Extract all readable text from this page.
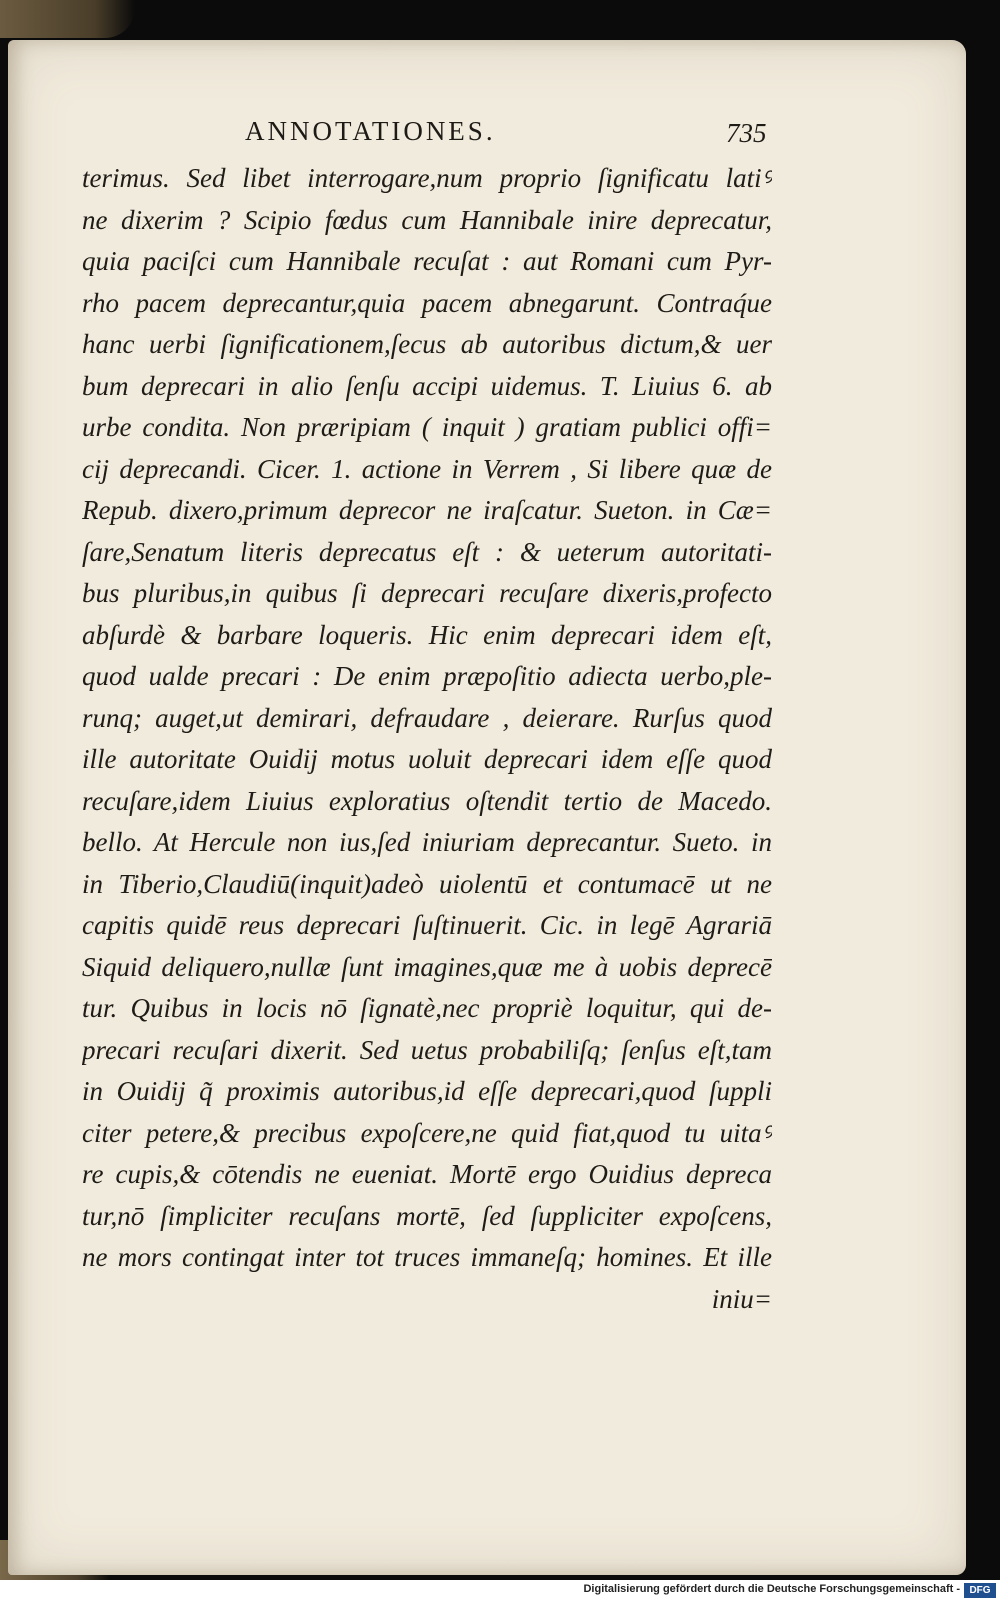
ANNOTATIONES.	735
terimus. Sed libet interrogare,num proprio ſignificatu latiꝰ
ne dixerim ? Scipio fœdus cum Hannibale inire deprecatur,
quia paciſci cum Hannibale recuſat : aut Romani cum Pyr-
rho pacem deprecantur,quia pacem abnegarunt. Contraq́ue
hanc uerbi ſignificationem,ſecus ab autoribus dictum,& uer
bum deprecari in alio ſenſu accipi uidemus. T. Liuius 6. ab
urbe condita. Non præripiam ( inquit ) gratiam publici offi=
cij deprecandi. Cicer. 1. actione in Verrem , Si libere quæ de
Repub. dixero,primum deprecor ne iraſcatur. Sueton. in Cæ=
ſare,Senatum literis deprecatus eſt : & ueterum autoritati-
bus pluribus,in quibus ſi deprecari recuſare dixeris,profecto
abſurdè & barbare loqueris. Hic enim deprecari idem eſt,
quod ualde precari : De enim præpoſitio adiecta uerbo,ple-
runq; auget,ut demirari, defraudare , deierare. Rurſus quod
ille autoritate Ouidij motus uoluit deprecari idem eſſe quod
recuſare,idem Liuius exploratius oſtendit tertio de Macedo.
bello. At Hercule non ius,ſed iniuriam deprecantur. Sueto. in
in Tiberio,Claudiū(inquit)adeò uiolentū et contumacē ut ne
capitis quidē reus deprecari ſuſtinuerit. Cic. in legē Agrariā
Siquid deliquero,nullæ ſunt imagines,quæ me à uobis deprecē
tur. Quibus in locis nō ſignatè,nec propriè loquitur, qui de-
precari recuſari dixerit. Sed uetus probabiliſq; ſenſus eſt,tam
in Ouidij q̃ proximis autoribus,id eſſe deprecari,quod ſuppli
citer petere,& precibus expoſcere,ne quid fiat,quod tu uitaꝰ
re cupis,& cōtendis ne eueniat. Mortē ergo Ouidius depreca
tur,nō ſimpliciter recuſans mortē, ſed ſuppliciter expoſcens,
ne mors contingat inter tot truces immaneſq; homines. Et ille
iniu=
Digitalisierung gefördert durch die Deutsche Forschungsgemeinschaft - DFG
